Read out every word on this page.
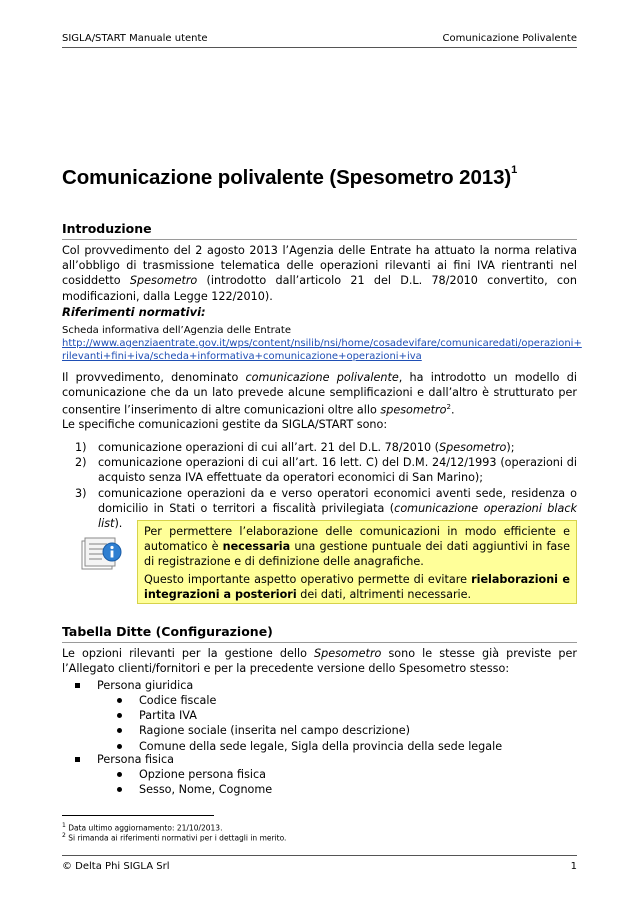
SIGLA/START Manuale utente	Comunicazione Polivalente
Comunicazione polivalente (Spesometro 2013)$^1$
Introduzione

Col provvedimento del 2 agosto 2013 l’Agenzia delle Entrate ha attuato la norma relativa all’obbligo di trasmissione telematica delle operazioni rilevanti ai fini IVA rientranti nel cosiddetto Spesometro (introdotto dall’articolo 21 del D.L. 78/2010 convertito, con modificazioni, dalla Legge 122/2010).

Riferimenti normativi:

Scheda informativa dell’Agenzia delle Entrate

http://www.agenziaentrate.gov.it/wps/content/nsilib/nsi/home/cosadevifare/comunicaredati/operazioni+rilevanti+fini+iva/scheda+informativa+comunicazione+operazioni+iva

Il provvedimento, denominato comunicazione polivalente, ha introdotto un modello di comunicazione che da un lato prevede alcune semplificazioni e dall’altro è strutturato per consentire l’inserimento di altre comunicazioni oltre allo spesometro$^2$.

Le specifiche comunicazioni gestite da SIGLA/START sono:

1) comunicazione operazioni di cui all’art. 21 del D.L. 78/2010 (Spesometro);
2) comunicazione operazioni di cui all’art. 16 lett. C) del D.M. 24/12/1993 (operazioni di acquisto senza IVA effettuate da operatori economici di San Marino);
3) comunicazione operazioni da e verso operatori economici aventi sede, residenza o domicilio in Stati o territori a fiscalità privilegiata (comunicazione operazioni black list).

Per permettere l’elaborazione delle comunicazioni in modo efficiente e automatico è necessaria una gestione puntuale dei dati aggiuntivi in fase di registrazione e di definizione delle anagrafiche.

Questo importante aspetto operativo permette di evitare rielaborazioni e integrazioni a posteriori dei dati, altrimenti necessarie.

Tabella Ditte (Configurazione)

Le opzioni rilevanti per la gestione dello Spesometro sono le stesse già previste per l’Allegato clienti/fornitori e per la precedente versione dello Spesometro stesso:

Persona giuridica
Codice fiscale
Partita IVA
Ragione sociale (inserita nel campo descrizione)
Comune della sede legale, Sigla della provincia della sede legale
Persona fisica
Opzione persona fisica
Sesso, Nome, Cognome

$^1$ Data ultimo aggiornamento: 21/10/2013.

$^2$ Si rimanda ai riferimenti normativi per i dettagli in merito.

© Delta Phi SIGLA Srl	1
